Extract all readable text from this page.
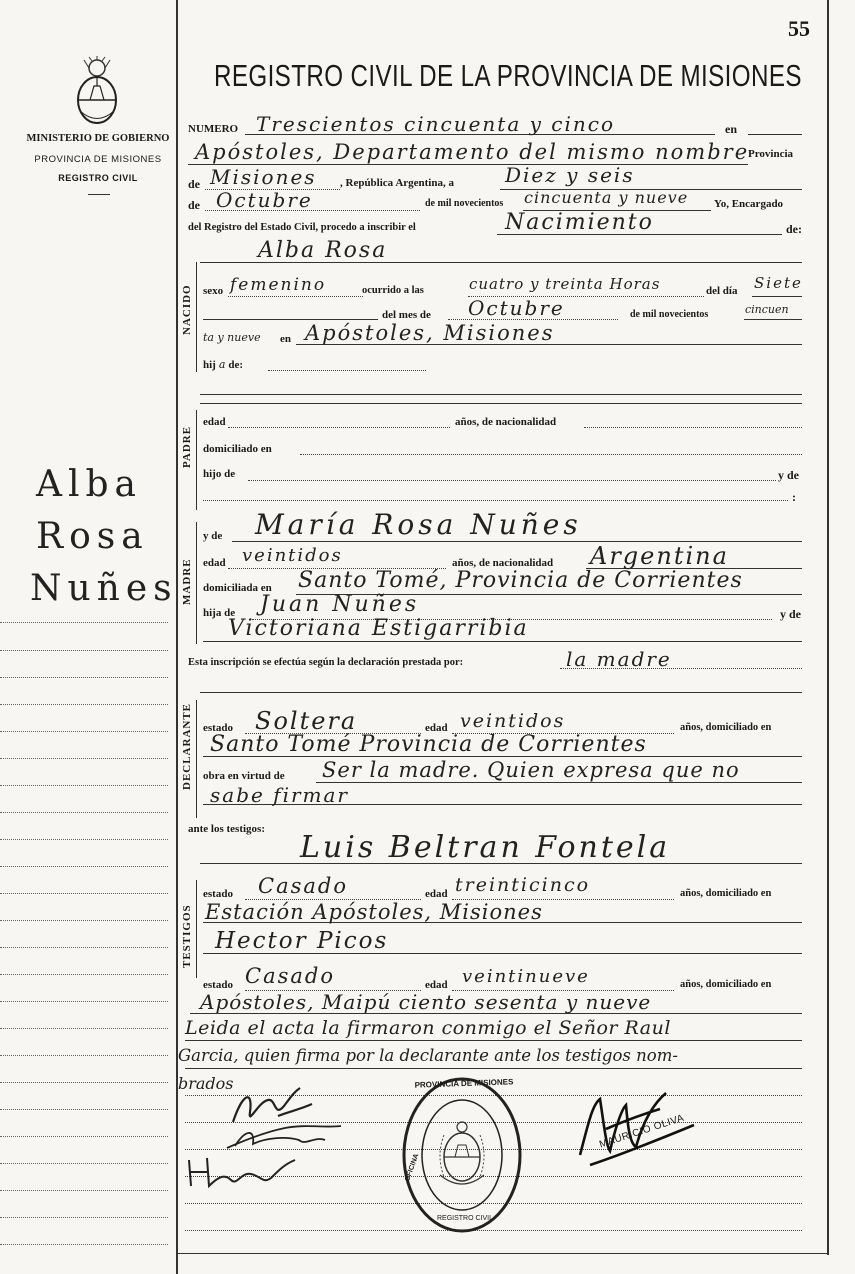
55
MINISTERIO DE GOBIERNO
PROVINCIA DE MISIONES
REGISTRO CIVIL
REGISTRO CIVIL DE LA PROVINCIA DE MISIONES
Alba
Rosa
Nuñes
NUMERO Trescientos cincuenta y cinco	en
Apóstoles, Departamento del mismo nombre
Provincia
de Misiones , República Argentina, a	Diez y seis
de Octubre	de mil novecientos cincuenta y nueve Yo, Encargado
del Registro del Estado Civil, procedo a inscribir el	Nacimiento	de:
NACIDO
Alba Rosa
sexo femenino	ocurrido a las	cuatro y treinta Horas	del día Siete
del mes de Octubre	de mil novecientos	cincuen
ta y nueve en Apóstoles, Misiones
hij a de:
PADRE
edad	años, de nacionalidad
domiciliado en
hijo de	y de
:
MADRE
y de María Rosa Nuñes
edad veintidos	años, de nacionalidad Argentina
domiciliada en Santo Tomé, Provincia de Corrientes
hija de Juan Nuñes	y de
Victoriana Estigarribia
Esta inscripción se efectúa según la declaración prestada por:	la madre
DECLARANTE estado Soltera	edad veintidos	años, domiciliado en
Santo Tomé Provincia de Corrientes
obra en virtud de Ser la madre. Quien expresa que no
sabe firmar
ante los testigos:
Luis Beltran Fontela
TESTIGOS
estado Casado	edad treinticinco	años, domiciliado en
Estación Apóstoles, Misiones
Hector Picos
estado Casado	edad veintinueve	años, domiciliado en
Apóstoles, Maipú ciento sesenta y nueve
Leida el acta la firmaron conmigo el Señor Raul
Garcia, quien firma por la declarante ante los testigos nom-
brados	PROVINCIA DE MISIONES
REGISTRO CIVIL
OFICINA
MAURICIO OLIVA
